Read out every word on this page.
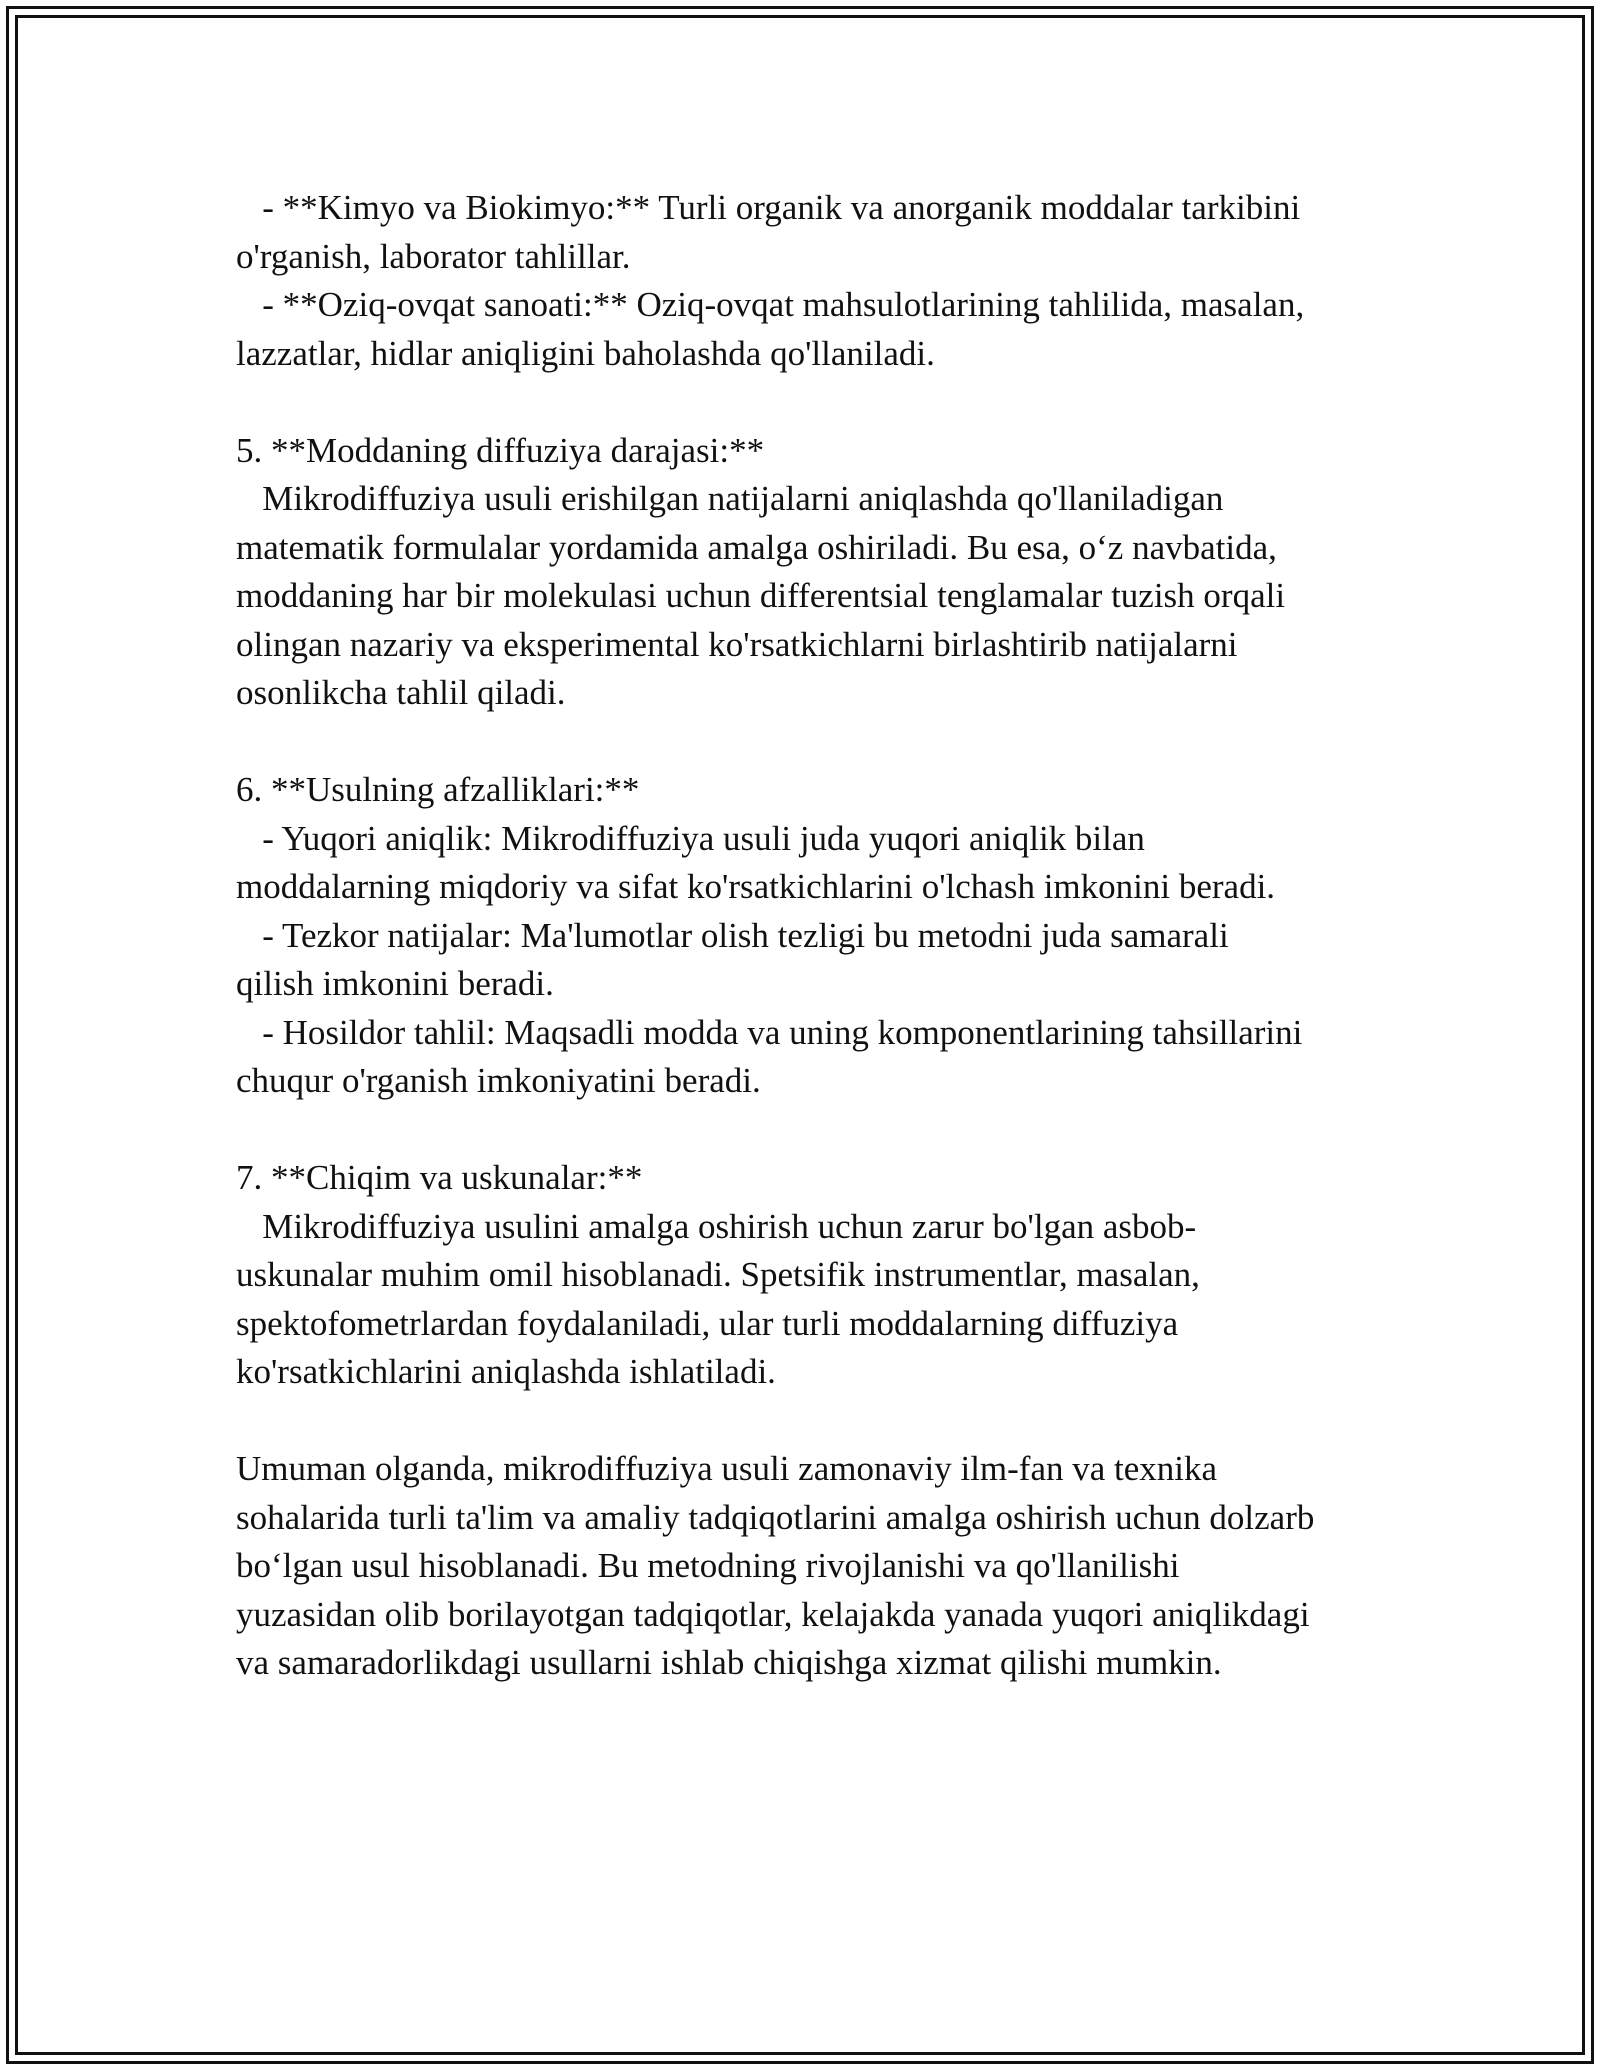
- **Kimyo va Biokimyo:** Turli organik va anorganik moddalar tarkibini
o'rganish, laborator tahlillar.
- **Oziq-ovqat sanoati:** Oziq-ovqat mahsulotlarining tahlilida, masalan,
lazzatlar, hidlar aniqligini baholashda qo'llaniladi.
5. **Moddaning diffuziya darajasi:**
Mikrodiffuziya usuli erishilgan natijalarni aniqlashda qo'llaniladigan
matematik formulalar yordamida amalga oshiriladi. Bu esa, o‘z navbatida,
moddaning har bir molekulasi uchun differentsial tenglamalar tuzish orqali
olingan nazariy va eksperimental ko'rsatkichlarni birlashtirib natijalarni
osonlikcha tahlil qiladi.
6. **Usulning afzalliklari:**
- Yuqori aniqlik: Mikrodiffuziya usuli juda yuqori aniqlik bilan
moddalarning miqdoriy va sifat ko'rsatkichlarini o'lchash imkonini beradi.
- Tezkor natijalar: Ma'lumotlar olish tezligi bu metodni juda samarali
qilish imkonini beradi.
- Hosildor tahlil: Maqsadli modda va uning komponentlarining tahsillarini
chuqur o'rganish imkoniyatini beradi.
7. **Chiqim va uskunalar:**
Mikrodiffuziya usulini amalga oshirish uchun zarur bo'lgan asbob-
uskunalar muhim omil hisoblanadi. Spetsifik instrumentlar, masalan,
spektofometrlardan foydalaniladi, ular turli moddalarning diffuziya
ko'rsatkichlarini aniqlashda ishlatiladi.
Umuman olganda, mikrodiffuziya usuli zamonaviy ilm-fan va texnika
sohalarida turli ta'lim va amaliy tadqiqotlarini amalga oshirish uchun dolzarb
bo‘lgan usul hisoblanadi. Bu metodning rivojlanishi va qo'llanilishi
yuzasidan olib borilayotgan tadqiqotlar, kelajakda yanada yuqori aniqlikdagi
va samaradorlikdagi usullarni ishlab chiqishga xizmat qilishi mumkin.
